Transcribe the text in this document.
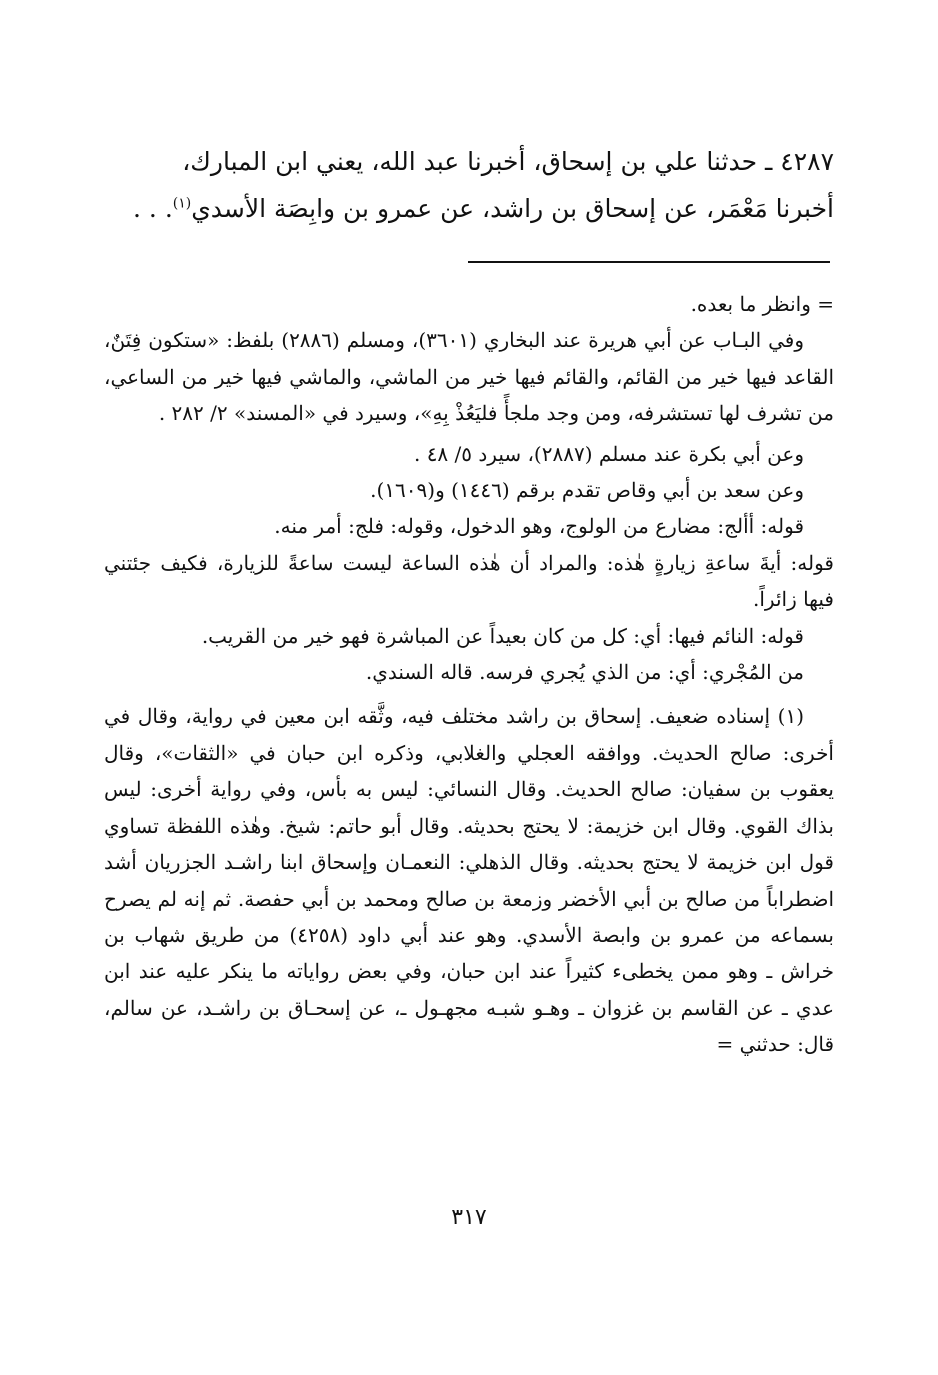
٤٢٨٧ ـ حدثنا علي بن إسحاق، أخبرنا عبد الله، يعني ابن المبارك،

أخبرنا مَعْمَر، عن إسحاق بن راشد، عن عمرو بن وابِصَة الأسدي$^{(١)}$. . .

= وانظر ما بعده.

وفي البـاب عن أبي هريرة عند البخاري (٣٦٠١)، ومسلم (٢٨٨٦) بلفظ: «ستكون فِتَنٌ، القاعد فيها خير من القائم، والقائم فيها خير من الماشي، والماشي فيها خير من الساعي، من تشرف لها تستشرفه، ومن وجد ملجأً فليَعُذْ بِهِ»، وسيرد في «المسند» ٢/ ٢٨٢ .

وعن أبي بكرة عند مسلم (٢٨٨٧)، سيرد ٥/ ٤٨ .

وعن سعد بن أبي وقاص تقدم برقم (١٤٤٦) و(١٦٠٩).

قوله: أألج: مضارع من الولوج، وهو الدخول، وقوله: فلج: أمر منه.

قوله: أيةَ ساعةِ زيارةٍ هٰذه: والمراد أن هٰذه الساعة ليست ساعةً للزيارة، فكيف جئتني فيها زائراً.

قوله: النائم فيها: أي: كل من كان بعيداً عن المباشرة فهو خير من القريب.

من المُجْري: أي: من الذي يُجري فرسه. قاله السندي.

(١) إسناده ضعيف. إسحاق بن راشد مختلف فيه، وثَّقه ابن معين في رواية، وقال في أخرى: صالح الحديث. ووافقه العجلي والغلابي، وذكره ابن حبان في «الثقات»، وقال يعقوب بن سفيان: صالح الحديث. وقال النسائي: ليس به بأس، وفي رواية أخرى: ليس بذاك القوي. وقال ابن خزيمة: لا يحتج بحديثه. وقال أبو حاتم: شيخ. وهٰذه اللفظة تساوي قول ابن خزيمة لا يحتج بحديثه. وقال الذهلي: النعمـان وإسحاق ابنا راشـد الجزريان أشد اضطراباً من صالح بن أبي الأخضر وزمعة بن صالح ومحمد بن أبي حفصة. ثم إنه لم يصرح بسماعه من عمرو بن وابصة الأسدي. وهو عند أبي داود (٤٢٥٨) من طريق شهاب بن خراش ـ وهو ممن يخطىء كثيراً عند ابن حبان، وفي بعض رواياته ما ينكر عليه عند ابن عدي ـ عن القاسم بن غزوان ـ وهـو شبـه مجهـول ـ، عن إسحـاق بن راشـد، عن سالم، قال: حدثني =

٣١٧
